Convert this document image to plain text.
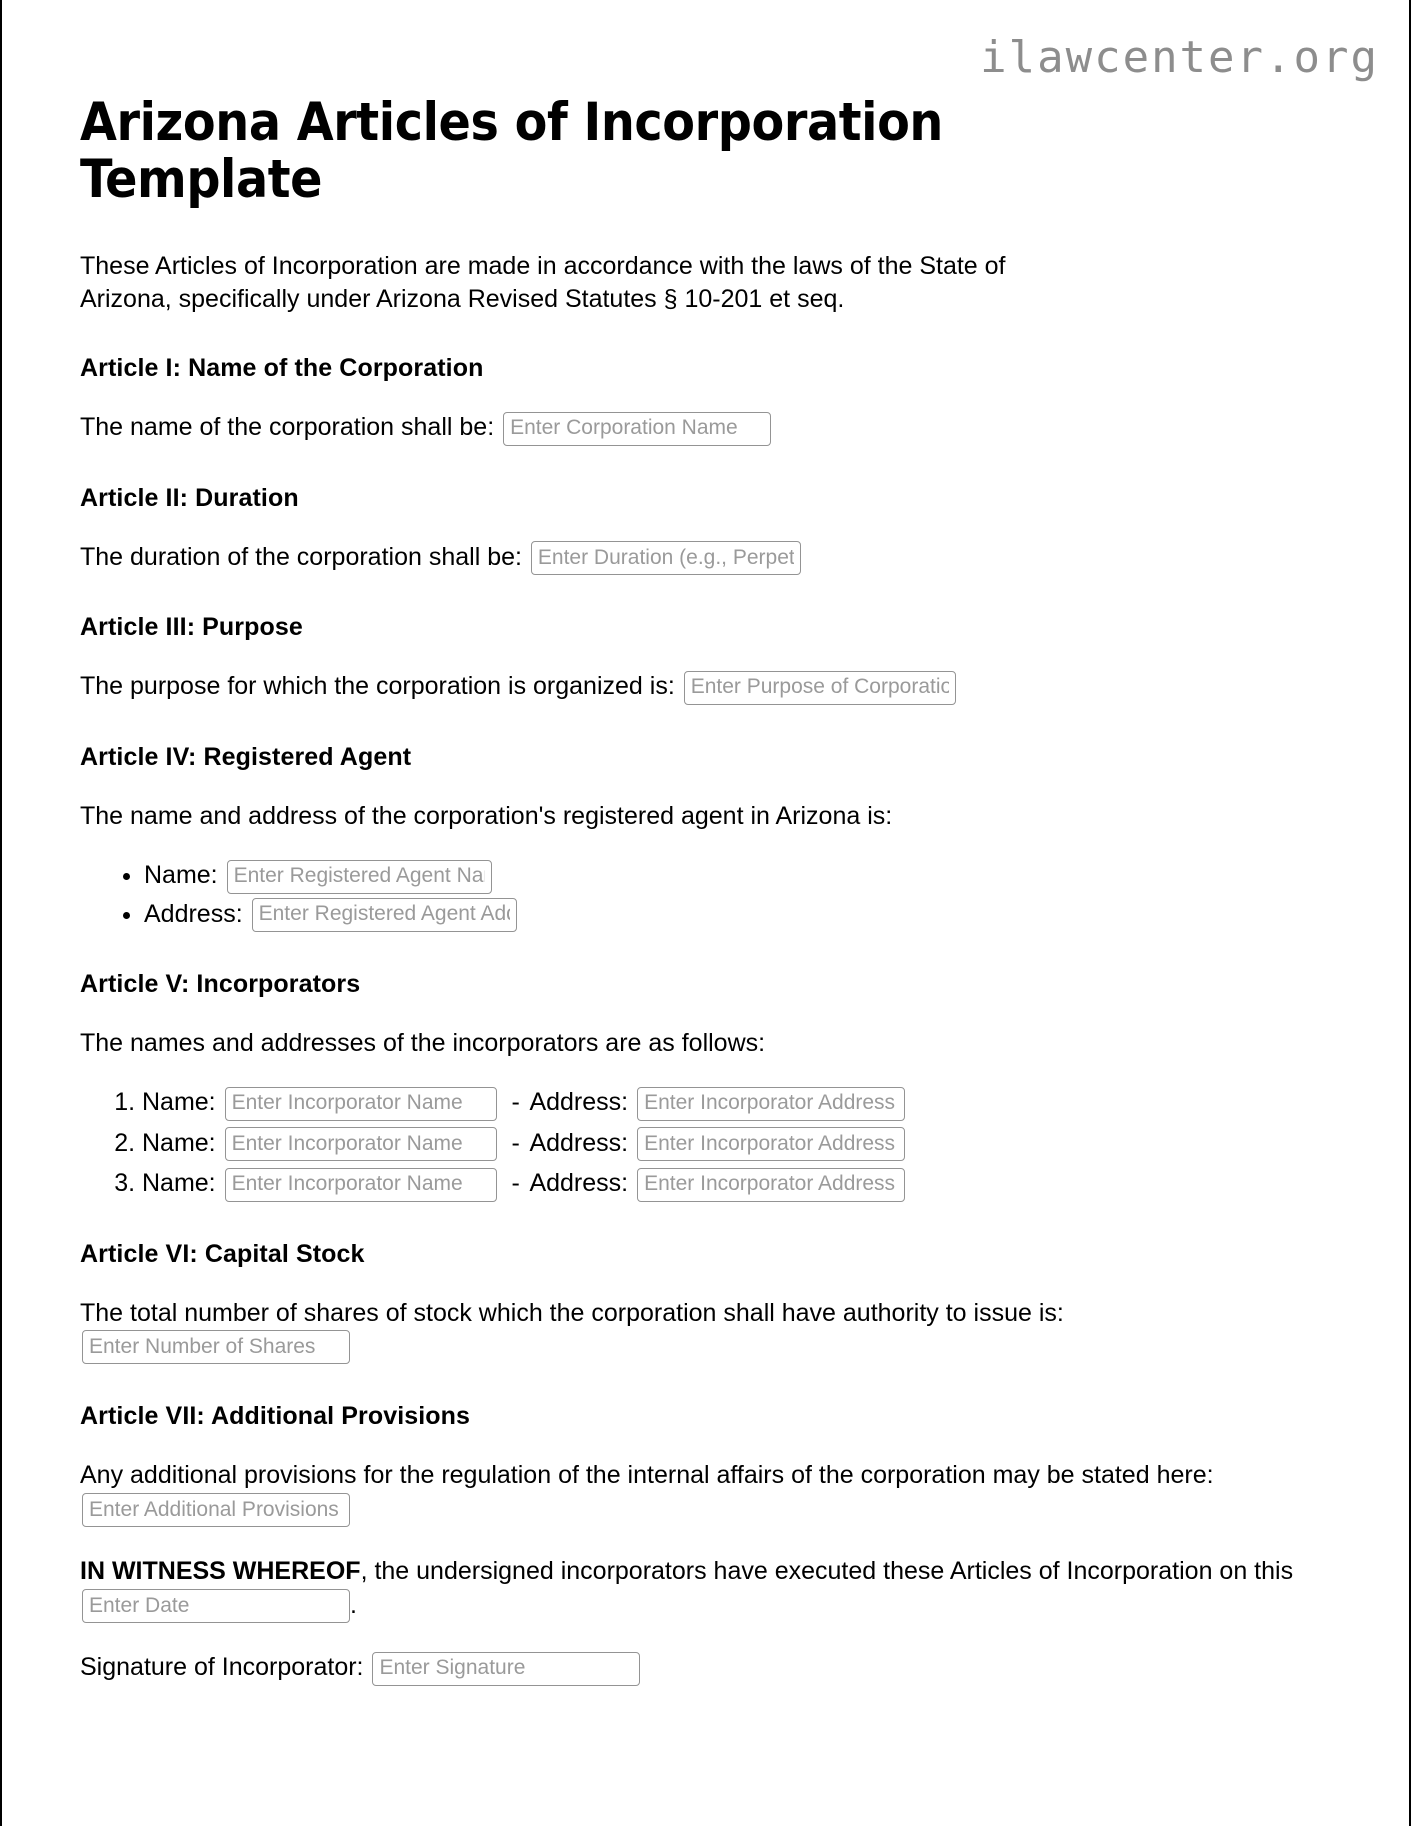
ilawcenter.org
Arizona Articles of Incorporation Template

These Articles of Incorporation are made in accordance with the laws of the State of Arizona, specifically under Arizona Revised Statutes § 10-201 et seq.

Article I: Name of the Corporation

The name of the corporation shall be: Enter Corporation Name

Article II: Duration

The duration of the corporation shall be: Enter Duration (e.g., Perpetual)

Article III: Purpose

The purpose for which the corporation is organized is: Enter Purpose of Corporation

Article IV: Registered Agent

The name and address of the corporation's registered agent in Arizona is:

• Name: Enter Registered Agent Name
• Address: Enter Registered Agent Address
Article V: Incorporators

The names and addresses of the incorporators are as follows:

1. Name: Enter Incorporator Name	- Address: Enter Incorporator Address
2. Name: Enter Incorporator Name	- Address: Enter Incorporator Address
3. Name: Enter Incorporator Name	- Address: Enter Incorporator Address
Article VI: Capital Stock

The total number of shares of stock which the corporation shall have authority to issue is:
Enter Number of Shares

Article VII: Additional Provisions

Any additional provisions for the regulation of the internal affairs of the corporation may be stated here: Enter Additional Provisions

IN WITNESS WHEREOF, the undersigned incorporators have executed these Articles of Incorporation on this Enter Date.

Signature of Incorporator: Enter Signature
